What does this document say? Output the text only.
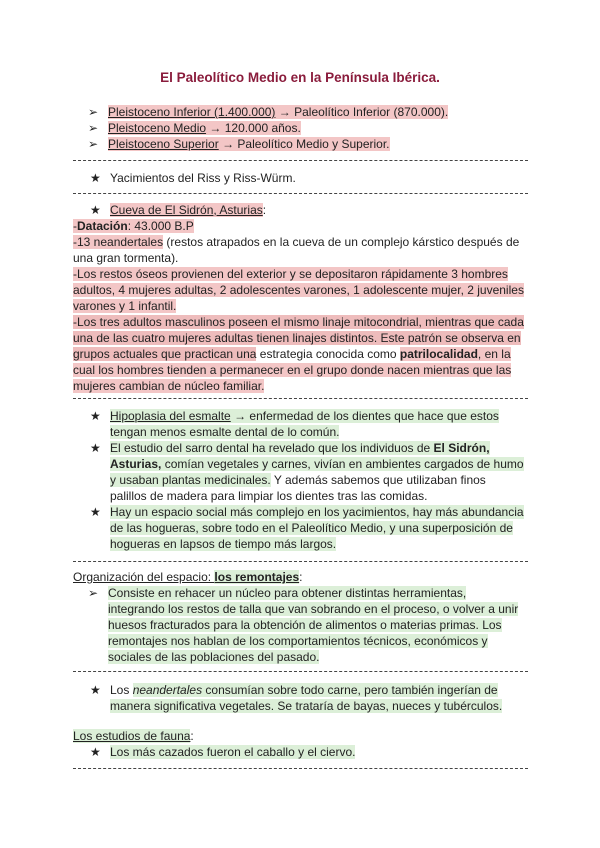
El Paleolítico Medio en la Península Ibérica.
➢ Pleistoceno Inferior (1.400.000) → Paleolítico Inferior (870.000).
➢ Pleistoceno Medio → 120.000 años.
➢ Pleistoceno Superior → Paleolítico Medio y Superior.
★ Yacimientos del Riss y Riss-Würm.
★ Cueva de El Sidrón, Asturias:
-Datación: 43.000 B.P
-13 neandertales (restos atrapados en la cueva de un complejo kárstico después de
una gran tormenta).
-Los restos óseos provienen del exterior y se depositaron rápidamente 3 hombres
adultos, 4 mujeres adultas, 2 adolescentes varones, 1 adolescente mujer, 2 juveniles
varones y 1 infantil.
-Los tres adultos masculinos poseen el mismo linaje mitocondrial, mientras que cada
una de las cuatro mujeres adultas tienen linajes distintos. Este patrón se observa en
grupos actuales que practican una estrategia conocida como patrilocalidad, en la
cual los hombres tienden a permanecer en el grupo donde nacen mientras que las
mujeres cambian de núcleo familiar.
★ Hipoplasia del esmalte → enfermedad de los dientes que hace que estos
tengan menos esmalte dental de lo común.
★ El estudio del sarro dental ha revelado que los individuos de El Sidrón,
Asturias, comían vegetales y carnes, vivían en ambientes cargados de humo
y usaban plantas medicinales. Y además sabemos que utilizaban finos
palillos de madera para limpiar los dientes tras las comidas.
★ Hay un espacio social más complejo en los yacimientos, hay más abundancia
de las hogueras, sobre todo en el Paleolítico Medio, y una superposición de
hogueras en lapsos de tiempo más largos.
Organización del espacio: los remontajes:
➢ Consiste en rehacer un núcleo para obtener distintas herramientas,
integrando los restos de talla que van sobrando en el proceso, o volver a unir
huesos fracturados para la obtención de alimentos o materias primas. Los
remontajes nos hablan de los comportamientos técnicos, económicos y
sociales de las poblaciones del pasado.
★ Los neandertales consumían sobre todo carne, pero también ingerían de
manera significativa vegetales. Se trataría de bayas, nueces y tubérculos.
Los estudios de fauna:
★ Los más cazados fueron el caballo y el ciervo.
